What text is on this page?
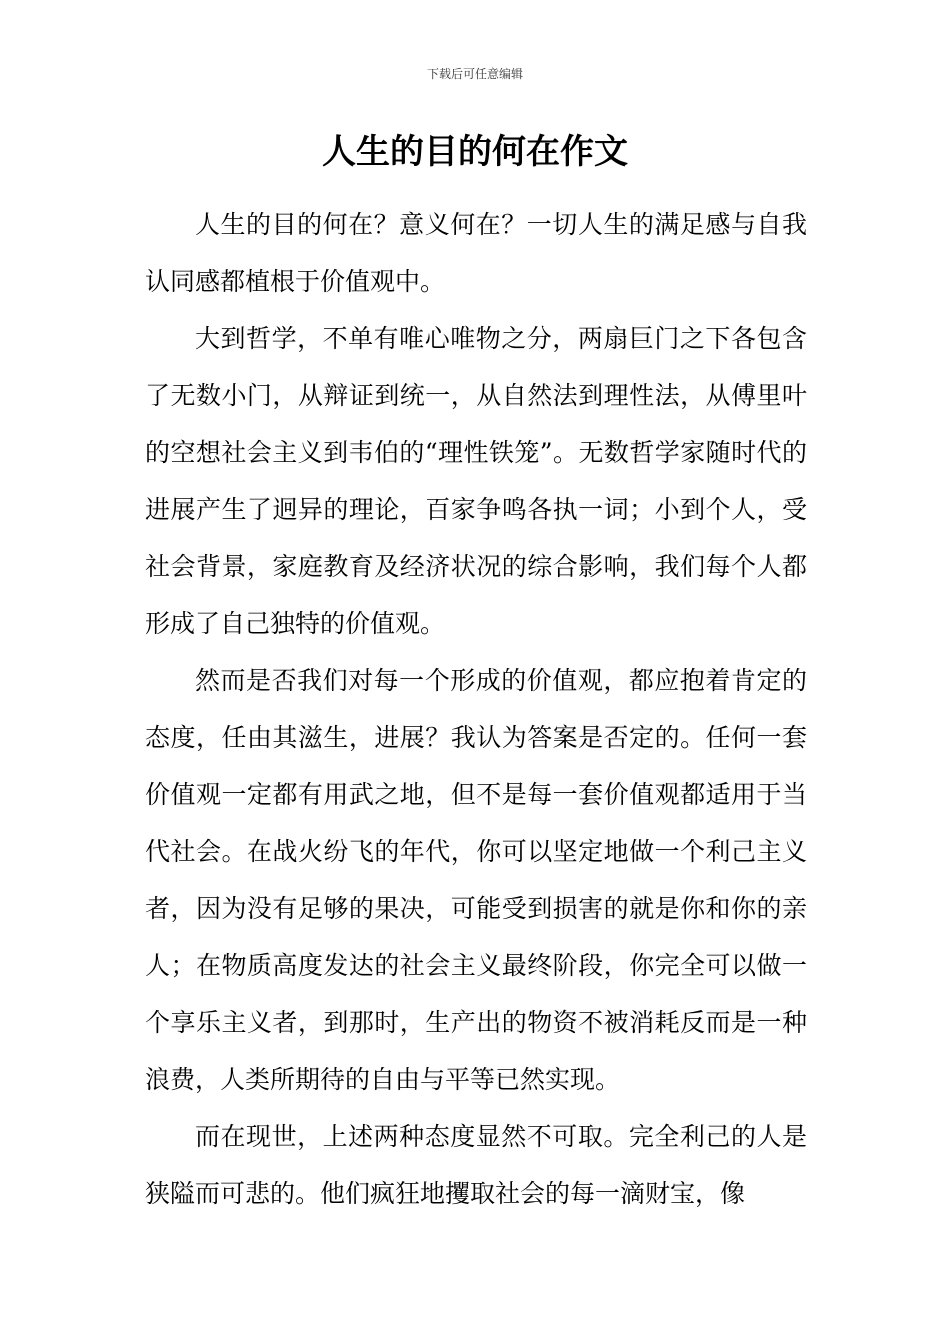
下载后可任意编辑
人生的目的何在作文

人生的目的何在？意义何在？一切人生的满足感与自我认同感都植根于价值观中。

大到哲学，不单有唯心唯物之分，两扇巨门之下各包含了无数小门，从辩证到统一，从自然法到理性法，从傅里叶的空想社会主义到韦伯的“理性铁笼”。无数哲学家随时代的进展产生了迥异的理论，百家争鸣各执一词；小到个人，受社会背景，家庭教育及经济状况的综合影响，我们每个人都形成了自己独特的价值观。

然而是否我们对每一个形成的价值观，都应抱着肯定的态度，任由其滋生，进展？我认为答案是否定的。任何一套价值观一定都有用武之地，但不是每一套价值观都适用于当代社会。在战火纷飞的年代，你可以坚定地做一个利己主义者，因为没有足够的果决，可能受到损害的就是你和你的亲人；在物质高度发达的社会主义最终阶段，你完全可以做一个享乐主义者，到那时，生产出的物资不被消耗反而是一种浪费，人类所期待的自由与平等已然实现。

而在现世，上述两种态度显然不可取。完全利己的人是狭隘而可悲的。他们疯狂地攫取社会的每一滴财宝，像
